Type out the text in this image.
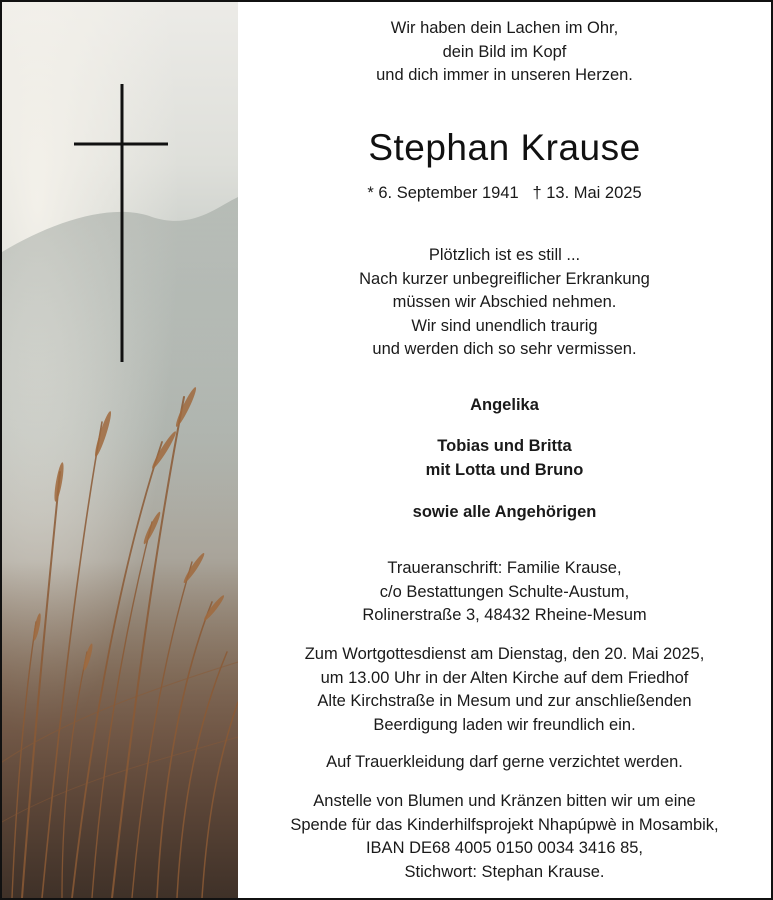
Wir haben dein Lachen im Ohr,

dein Bild im Kopf

und dich immer in unseren Herzen.

Stephan Krause

* 6. September 1941 † 13. Mai 2025

Plötzlich ist es still ...

Nach kurzer unbegreiflicher Erkrankung

müssen wir Abschied nehmen.

Wir sind unendlich traurig

und werden dich so sehr vermissen.

Angelika

Tobias und Britta

mit Lotta und Bruno

sowie alle Angehörigen

Traueranschrift: Familie Krause,

c/o Bestattungen Schulte-Austum,

Rolinerstraße 3, 48432 Rheine-Mesum

Zum Wortgottesdienst am Dienstag, den 20. Mai 2025,

um 13.00 Uhr in der Alten Kirche auf dem Friedhof

Alte Kirchstraße in Mesum und zur anschließenden

Beerdigung laden wir freundlich ein.

Auf Trauerkleidung darf gerne verzichtet werden.

Anstelle von Blumen und Kränzen bitten wir um eine

Spende für das Kinderhilfsprojekt Nhapúpwè in Mosambik,

IBAN DE68 4005 0150 0034 3416 85,

Stichwort: Stephan Krause.
